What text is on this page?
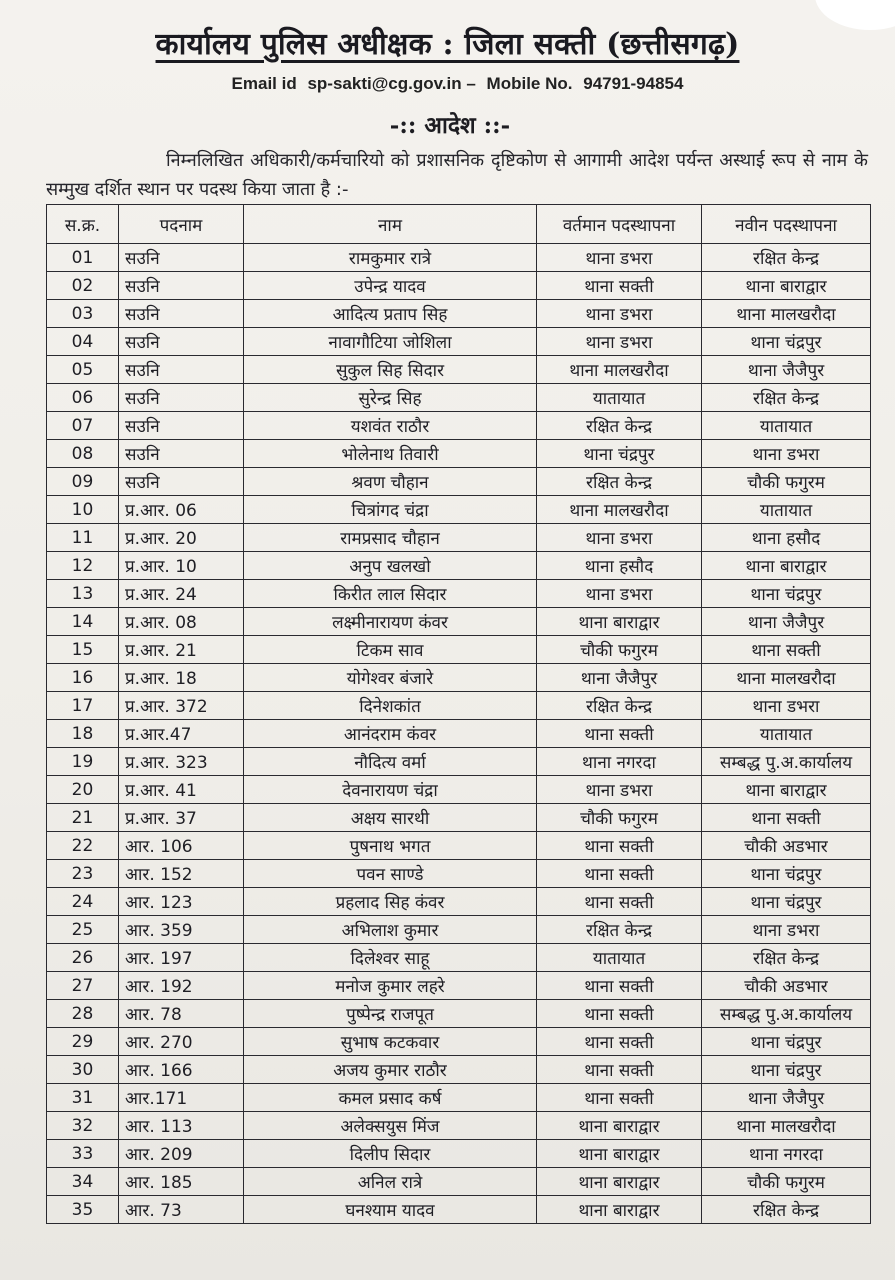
कार्यालय पुलिस अधीक्षक : जिला सक्ती (छत्तीसगढ़)
Email id sp-sakti@cg.gov.in – Mobile No. 94791-94854
-:: आदेश ::-
निम्नलिखित अधिकारी/कर्मचारियो को प्रशासनिक दृष्टिकोण से आगामी आदेश पर्यन्त अस्थाई रूप से नाम के सम्मुख दर्शित स्थान पर पदस्थ किया जाता है :-
स.क्र.	पदनाम	नाम	वर्तमान पदस्थापना	नवीन पदस्थापना
01	सउनि	रामकुमार रात्रे	थाना डभरा	रक्षित केन्द्र
02	सउनि	उपेन्द्र यादव	थाना सक्ती	थाना बाराद्वार
03	सउनि	आदित्य प्रताप सिह	थाना डभरा	थाना मालखरौदा
04	सउनि	नावागौटिया जोशिला	थाना डभरा	थाना चंद्रपुर
05	सउनि	सुकुल सिह सिदार	थाना मालखरौदा	थाना जैजैपुर
06	सउनि	सुरेन्द्र सिह	यातायात	रक्षित केन्द्र
07	सउनि	यशवंत राठौर	रक्षित केन्द्र	यातायात
08	सउनि	भोलेनाथ तिवारी	थाना चंद्रपुर	थाना डभरा
09	सउनि	श्रवण चौहान	रक्षित केन्द्र	चौकी फगुरम
10	प्र.आर. 06	चित्रांगद चंद्रा	थाना मालखरौदा	यातायात
11	प्र.आर. 20	रामप्रसाद चौहान	थाना डभरा	थाना हसौद
12	प्र.आर. 10	अनुप खलखो	थाना हसौद	थाना बाराद्वार
13	प्र.आर. 24	किरीत लाल सिदार	थाना डभरा	थाना चंद्रपुर
14	प्र.आर. 08	लक्ष्मीनारायण कंवर	थाना बाराद्वार	थाना जैजैपुर
15	प्र.आर. 21	टिकम साव	चौकी फगुरम	थाना सक्ती
16	प्र.आर. 18	योगेश्वर बंजारे	थाना जैजैपुर	थाना मालखरौदा
17	प्र.आर. 372	दिनेशकांत	रक्षित केन्द्र	थाना डभरा
18	प्र.आर.47	आनंदराम कंवर	थाना सक्ती	यातायात
19	प्र.आर. 323	नौदित्य वर्मा	थाना नगरदा	सम्बद्ध पु.अ.कार्यालय
20	प्र.आर. 41	देवनारायण चंद्रा	थाना डभरा	थाना बाराद्वार
21	प्र.आर. 37	अक्षय सारथी	चौकी फगुरम	थाना सक्ती
22	आर. 106	पुषनाथ भगत	थाना सक्ती	चौकी अडभार
23	आर. 152	पवन साण्डे	थाना सक्ती	थाना चंद्रपुर
24	आर. 123	प्रहलाद सिह कंवर	थाना सक्ती	थाना चंद्रपुर
25	आर. 359	अभिलाश कुमार	रक्षित केन्द्र	थाना डभरा
26	आर. 197	दिलेश्वर साहू	यातायात	रक्षित केन्द्र
27	आर. 192	मनोज कुमार लहरे	थाना सक्ती	चौकी अडभार
28	आर. 78	पुष्पेन्द्र राजपूत	थाना सक्ती	सम्बद्ध पु.अ.कार्यालय
29	आर. 270	सुभाष कटकवार	थाना सक्ती	थाना चंद्रपुर
30	आर. 166	अजय कुमार राठौर	थाना सक्ती	थाना चंद्रपुर
31	आर.171	कमल प्रसाद कर्ष	थाना सक्ती	थाना जैजैपुर
32	आर. 113	अलेक्सयुस मिंज	थाना बाराद्वार	थाना मालखरौदा
33	आर. 209	दिलीप सिदार	थाना बाराद्वार	थाना नगरदा
34	आर. 185	अनिल रात्रे	थाना बाराद्वार	चौकी फगुरम
35	आर. 73	घनश्याम यादव	थाना बाराद्वार	रक्षित केन्द्र
